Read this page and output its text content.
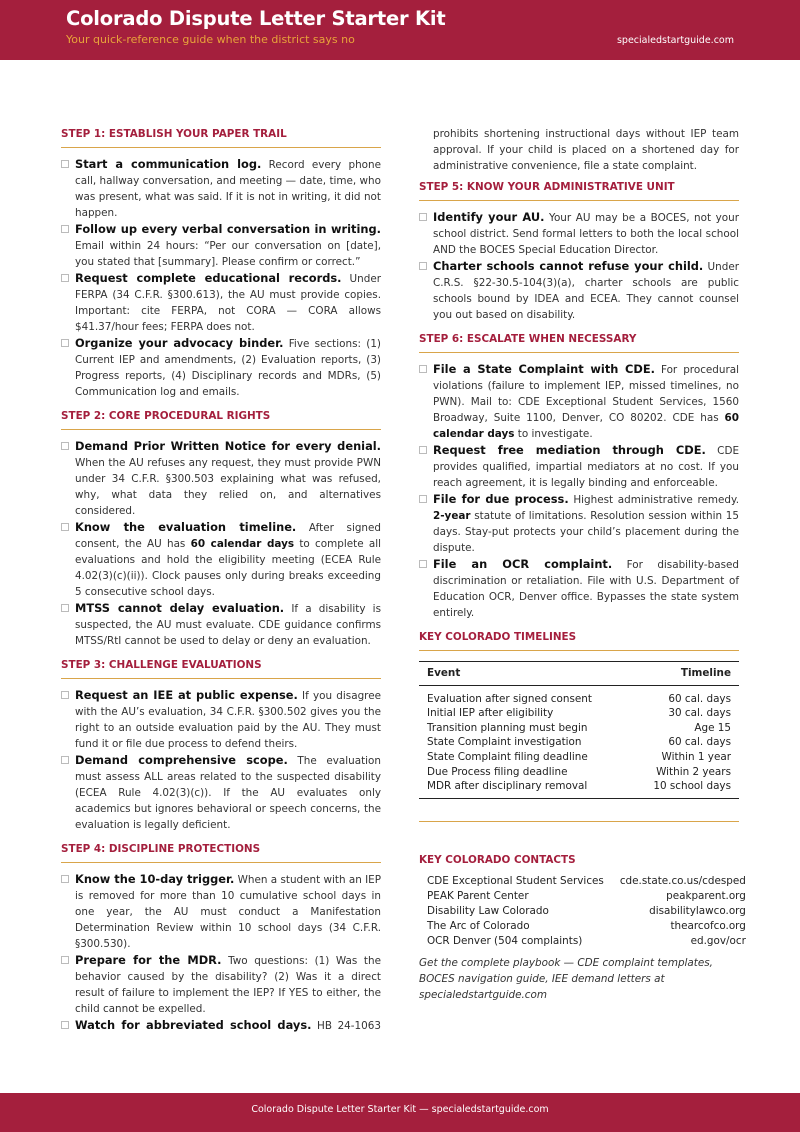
Colorado Dispute Letter Starter Kit
Your quick-reference guide when the district says no	specialedstartguide.com
STEP 1: ESTABLISH YOUR PAPER TRAIL
Start a communication log. Record every phone call, hallway conversation, and meeting — date, time, who was present, what was said. If it is not in writing, it did not happen.
Follow up every verbal conversation in writing. Email within 24 hours: “Per our conversation on [date], you stated that [summary]. Please confirm or correct.”
Request complete educational records. Under FERPA (34 C.F.R. §300.613), the AU must provide copies. Important: cite FERPA, not CORA — CORA allows $41.37/hour fees; FERPA does not.
Organize your advocacy binder. Five sections: (1) Current IEP and amendments, (2) Evaluation reports, (3) Progress reports, (4) Disciplinary records and MDRs, (5) Communication log and emails.
STEP 2: CORE PROCEDURAL RIGHTS
Demand Prior Written Notice for every denial. When the AU refuses any request, they must provide PWN under 34 C.F.R. §300.503 explaining what was refused, why, what data they relied on, and alternatives considered.
Know the evaluation timeline. After signed consent, the AU has 60 calendar days to complete all evaluations and hold the eligibility meeting (ECEA Rule 4.02(3)(c)(ii)). Clock pauses only during breaks exceeding 5 consecutive school days.
MTSS cannot delay evaluation. If a disability is suspected, the AU must evaluate. CDE guidance confirms MTSS/RtI cannot be used to delay or deny an evaluation.
STEP 3: CHALLENGE EVALUATIONS
Request an IEE at public expense. If you disagree with the AU’s evaluation, 34 C.F.R. §300.502 gives you the right to an outside evaluation paid by the AU. They must fund it or file due process to defend theirs.
Demand comprehensive scope. The evaluation must assess ALL areas related to the suspected disability (ECEA Rule 4.02(3)(c)). If the AU evaluates only academics but ignores behavioral or speech concerns, the evaluation is legally deficient.
STEP 4: DISCIPLINE PROTECTIONS
Know the 10-day trigger. When a student with an IEP is removed for more than 10 cumulative school days in one year, the AU must conduct a Manifestation Determination Review within 10 school days (34 C.F.R. §300.530).
Prepare for the MDR. Two questions: (1) Was the behavior caused by the disability? (2) Was it a direct result of failure to implement the IEP? If YES to either, the child cannot be expelled.
Watch for abbreviated school days. HB 24-1063
prohibits shortening instructional days without IEP team approval. If your child is placed on a shortened day for administrative convenience, file a state complaint.
STEP 5: KNOW YOUR ADMINISTRATIVE UNIT
Identify your AU. Your AU may be a BOCES, not your school district. Send formal letters to both the local school AND the BOCES Special Education Director.
Charter schools cannot refuse your child. Under C.R.S. §22-30.5-104(3)(a), charter schools are public schools bound by IDEA and ECEA. They cannot counsel you out based on disability.
STEP 6: ESCALATE WHEN NECESSARY
File a State Complaint with CDE. For procedural violations (failure to implement IEP, missed timelines, no PWN). Mail to: CDE Exceptional Student Services, 1560 Broadway, Suite 1100, Denver, CO 80202. CDE has 60 calendar days to investigate.
Request free mediation through CDE. CDE provides qualified, impartial mediators at no cost. If you reach agreement, it is legally binding and enforceable.
File for due process. Highest administrative remedy. 2-year statute of limitations. Resolution session within 15 days. Stay-put protects your child’s placement during the dispute.
File an OCR complaint. For disability-based discrimination or retaliation. File with U.S. Department of Education OCR, Denver office. Bypasses the state system entirely.
KEY COLORADO TIMELINES
Event	Timeline
Evaluation after signed consent	60 cal. days
Initial IEP after eligibility	30 cal. days
Transition planning must begin	Age 15
State Complaint investigation	60 cal. days
State Complaint filing deadline	Within 1 year
Due Process filing deadline	Within 2 years
MDR after disciplinary removal	10 school days
KEY COLORADO CONTACTS
CDE Exceptional Student Services	cde.state.co.us/cdesped
PEAK Parent Center	peakparent.org
Disability Law Colorado	disabilitylawco.org
The Arc of Colorado	thearcofco.org
OCR Denver (504 complaints)	ed.gov/ocr
Get the complete playbook — CDE complaint templates, BOCES navigation guide, IEE demand letters at specialedstartguide.com
Colorado Dispute Letter Starter Kit — specialedstartguide.com
